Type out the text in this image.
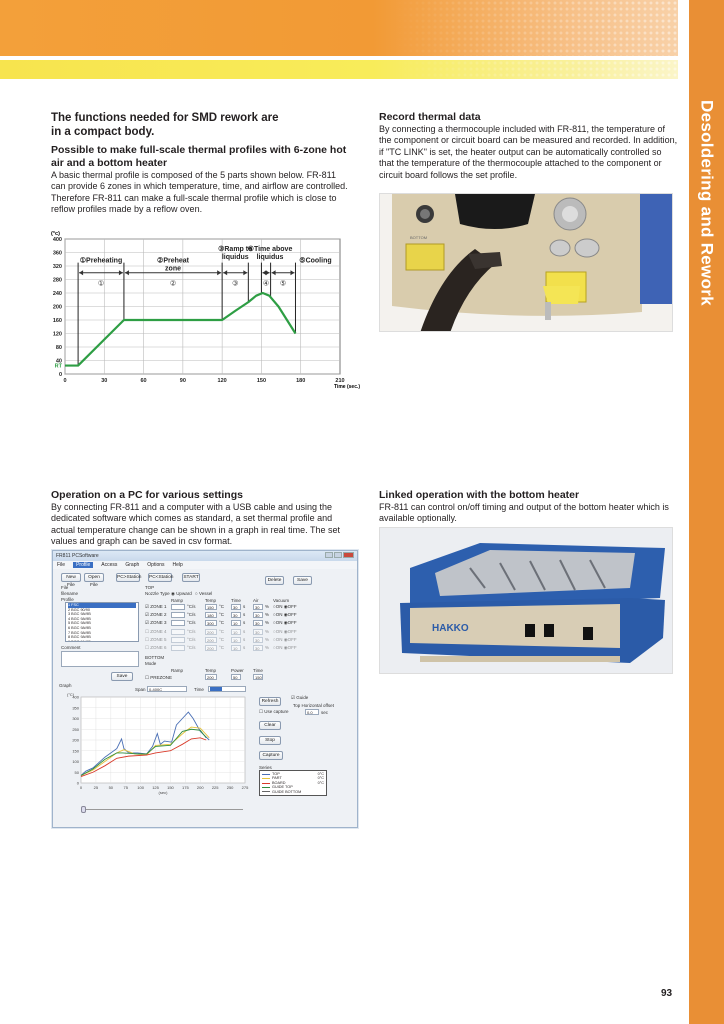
Desoldering and Rework
The functions needed for SMD rework are
in a compact body.
Possible to make full-scale thermal profiles with 6-zone hot air and a bottom heater

A basic thermal profile is composed of the 5 parts shown below. FR-811 can provide 6 zones in which temperature, time, and airflow are controlled. Therefore FR-811 can make a full-scale thermal profile which is close to reflow profiles made by a reflow oven.

0
40
80
120
160
200
240
280
320
360
400
0	30	60	90	120	150	180	210
(°c)
Time (sec.)
RT
①	②	③	④ ⑤
①Preheating	②Preheat zone
③Ramp to liquidus
④Time above liquidus
⑤Cooling
Record thermal data

By connecting a thermocouple included with FR-811, the temperature of the component or circuit board can be measured and recorded. In addition, if "TC LINK" is set, the heater output can be automatically controlled so that the temperature of the thermocouple attached to the component or circuit board follows the set profile.

BOTTOM
Operation on a PC for various settings

By connecting FR-811 and a computer with a USB cable and using the dedicated software which comes as standard, a set thermal profile and actual temperature change can be shown in a graph in real time. The set values and graph can be saved in csv format.

FR811 PCSoftware
File	Profile	Access Graph Options Help
New File
Open File
PC>Station PC<Station START
Delete	Save
File
filename
Profile
1 FSC
2 BGC 90/90
3 BGC 9A/9B
4 BGC 9A/9B
5 BGC 9A/9B
6 BGC 9A/9B
7 BGC 9A/9B
8 BGC 9A/9B
9 BGC 9A/9B
Comment
Save
TOP
Nozzle Type ◉ Upward ○ Vessel
Ramp	Temp	Time	Air	Vacuum
☑ ZONE 1	°C/s	150	°C	30	s	30	% ○ON ◉OFF
☑ ZONE 2	°C/s	180	°C	30	s	30	% ○ON ◉OFF
☑ ZONE 3	°C/s	300	°C	10	s	30	% ○ON ◉OFF
☐ ZONE 4	°C/s	200	°C	10	s	30	% ○ON ◉OFF
☐ ZONE 5	°C/s	200	°C	10	s	30	% ○ON ◉OFF
☐ ZONE 6	°C/s	200	°C	10	s	30	% ○ON ◉OFF
BOTTOM
Mode
Ramp	Temp	Power Time
☐ PREZONE	200	50	150
Graph
Span 0-400C	Time
0
50
100
150
200
250
300
350
400
0	25	50	75 100 125 150 175 200 225 250 275
(°C)
(sec)
Refresh
☑ Guide
☐ Use capture
Top Horizontal offset
0.0	sec
Clear
Stop
Capture
Series
TOP	0°C
PART	0°C
BOARD	0°C
GUIDE TOP
GUIDE BOTTOM
Linked operation with the bottom heater

FR-811 can control on/off timing and output of the bottom heater which is available optionally.

HAKKO
93
